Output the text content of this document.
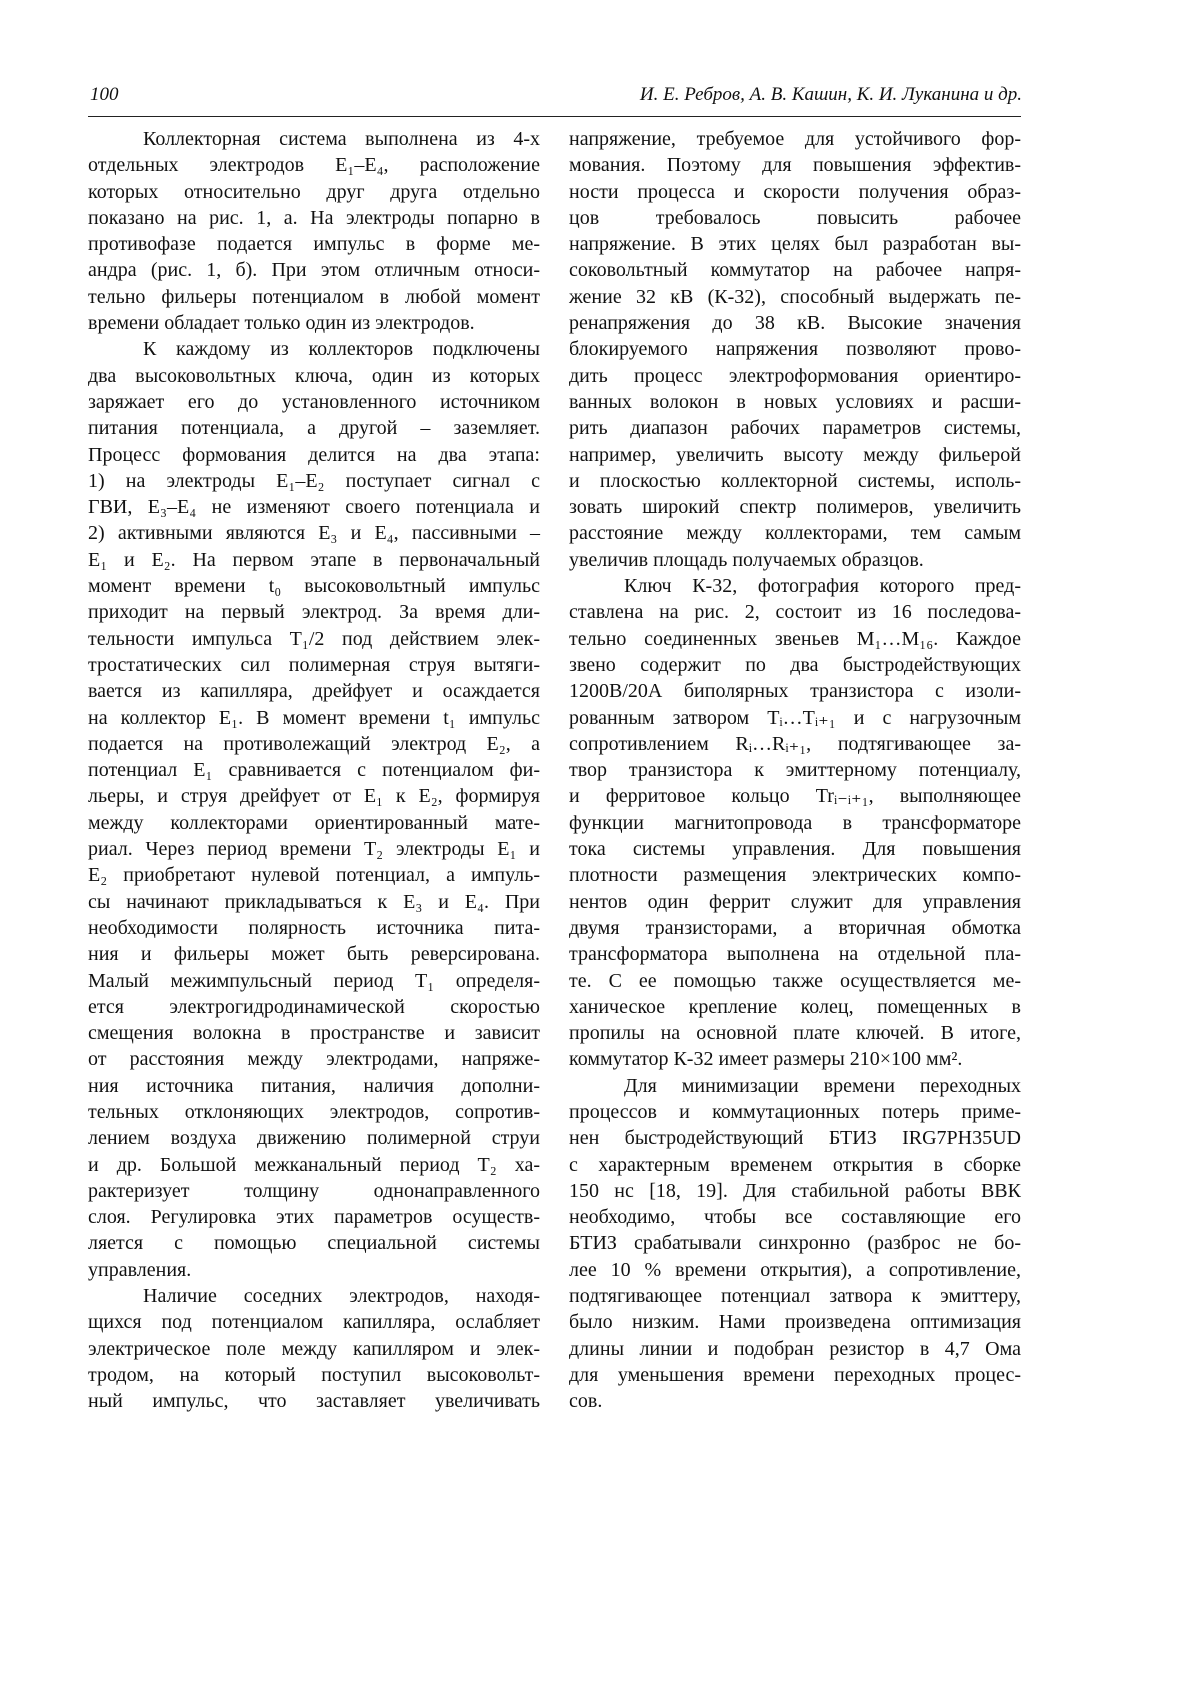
100	И. Е. Ребров, А. В. Кашин, К. И. Луканина и др.
Коллекторная система выполнена из 4-х
отдельных электродов E₁–E₄, расположение
которых относительно друг друга отдельно
показано на рис. 1, а. На электроды попарно в
противофазе подается импульс в форме ме-
андра (рис. 1, б). При этом отличным относи-
тельно фильеры потенциалом в любой момент
времени обладает только один из электродов.
К каждому из коллекторов подключены
два высоковольтных ключа, один из которых
заряжает его до установленного источником
питания потенциала, а другой – заземляет.
Процесс формования делится на два этапа:
1) на электроды E₁–E₂ поступает сигнал с
ГВИ, E₃–E₄ не изменяют своего потенциала и
2) активными являются E₃ и E₄, пассивными –
E₁ и E₂. На первом этапе в первоначальный
момент времени t₀ высоковольтный импульс
приходит на первый электрод. За время дли-
тельности импульса T₁/2 под действием элек-
тростатических сил полимерная струя вытяги-
вается из капилляра, дрейфует и осаждается
на коллектор E₁. В момент времени t₁ импульс
подается на противолежащий электрод E₂, а
потенциал E₁ сравнивается с потенциалом фи-
льеры, и струя дрейфует от E₁ к E₂, формируя
между коллекторами ориентированный мате-
риал. Через период времени T₂ электроды E₁ и
E₂ приобретают нулевой потенциал, а импуль-
сы начинают прикладываться к E₃ и E₄. При
необходимости полярность источника пита-
ния и фильеры может быть реверсирована.
Малый межимпульсный период T₁ определя-
ется электрогидродинамической скоростью
смещения волокна в пространстве и зависит
от расстояния между электродами, напряже-
ния источника питания, наличия дополни-
тельных отклоняющих электродов, сопротив-
лением воздуха движению полимерной струи
и др. Большой межканальный период T₂ ха-
рактеризует толщину однонаправленного
слоя. Регулировка этих параметров осуществ-
ляется с помощью специальной системы
управления.
Наличие соседних электродов, находя-
щихся под потенциалом капилляра, ослабляет
электрическое поле между капилляром и элек-
тродом, на который поступил высоковольт-
ный импульс, что заставляет увеличивать
напряжение, требуемое для устойчивого фор-
мования. Поэтому для повышения эффектив-
ности процесса и скорости получения образ-
цов требовалось повысить рабочее
напряжение. В этих целях был разработан вы-
соковольтный коммутатор на рабочее напря-
жение 32 кВ (К-32), способный выдержать пе-
ренапряжения до 38 кВ. Высокие значения
блокируемого напряжения позволяют прово-
дить процесс электроформования ориентиро-
ванных волокон в новых условиях и расши-
рить диапазон рабочих параметров системы,
например, увеличить высоту между фильерой
и плоскостью коллекторной системы, исполь-
зовать широкий спектр полимеров, увеличить
расстояние между коллекторами, тем самым
увеличив площадь получаемых образцов.
Ключ К-32, фотография которого пред-
ставлена на рис. 2, состоит из 16 последова-
тельно соединенных звеньев M₁…M₁₆. Каждое
звено содержит по два быстродействующих
1200В/20А биполярных транзистора с изоли-
рованным затвором Tᵢ…Tᵢ₊₁ и с нагрузочным
сопротивлением Rᵢ…Rᵢ₊₁, подтягивающее за-
твор транзистора к эмиттерному потенциалу,
и ферритовое кольцо Trᵢ₋ᵢ₊₁, выполняющее
функции магнитопровода в трансформаторе
тока системы управления. Для повышения
плотности размещения электрических компо-
нентов один феррит служит для управления
двумя транзисторами, а вторичная обмотка
трансформатора выполнена на отдельной пла-
те. С ее помощью также осуществляется ме-
ханическое крепление колец, помещенных в
пропилы на основной плате ключей. В итоге,
коммутатор К-32 имеет размеры 210×100 мм².
Для минимизации времени переходных
процессов и коммутационных потерь приме-
нен быстродействующий БТИЗ IRG7PH35UD
с характерным временем открытия в сборке
150 нс [18, 19]. Для стабильной работы ВВК
необходимо, чтобы все составляющие его
БТИЗ срабатывали синхронно (разброс не бо-
лее 10 % времени открытия), а сопротивление,
подтягивающее потенциал затвора к эмиттеру,
было низким. Нами произведена оптимизация
длины линии и подобран резистор в 4,7 Ома
для уменьшения времени переходных процес-
сов.
